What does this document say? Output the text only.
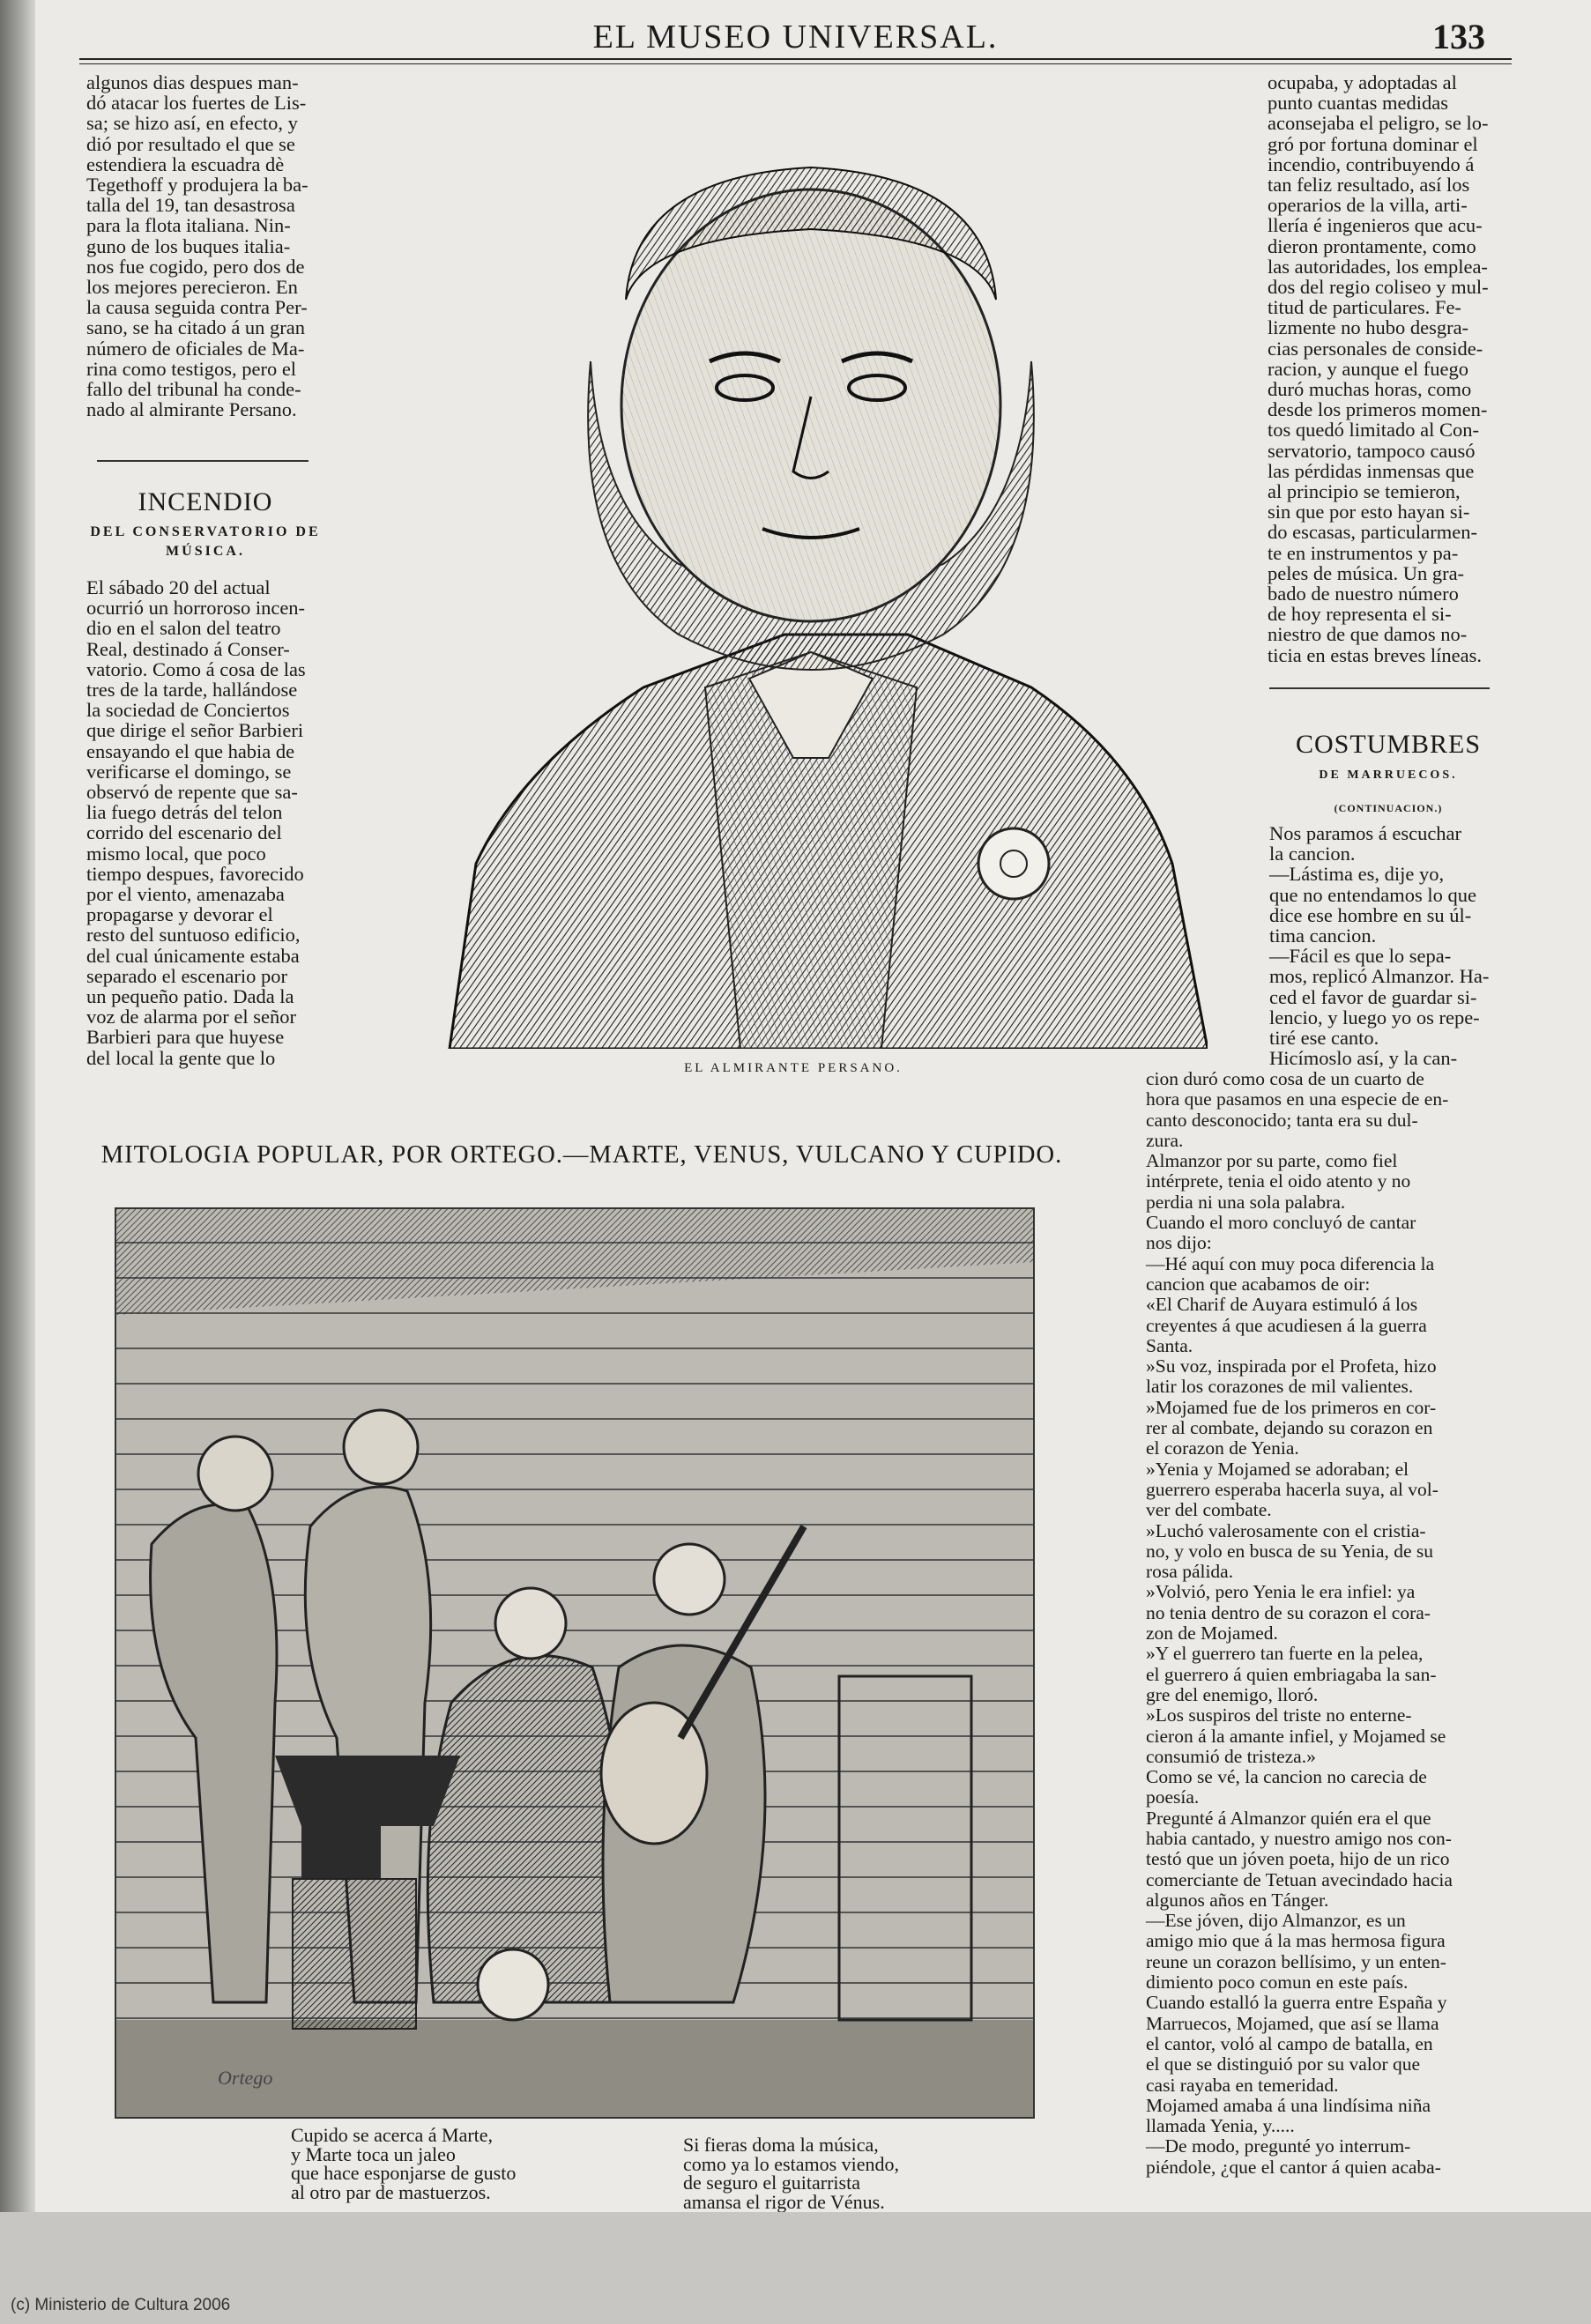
EL MUSEO UNIVERSAL.	133

algunos dias despues man-

dó atacar los fuertes de Lis-

sa; se hizo así, en efecto, y

dió por resultado el que se

estendiera la escuadra dè

Tegethoff y produjera la ba-

talla del 19, tan desastrosa

para la flota italiana. Nin-

guno de los buques italia-

nos fue cogido, pero dos de

los mejores perecieron. En

la causa seguida contra Per-

sano, se ha citado á un gran

número de oficiales de Ma-

rina como testigos, pero el

fallo del tribunal ha conde-

nado al almirante Persano.

INCENDIO
DEL CONSERVATORIO DE
MÚSICA.

El sábado 20 del actual

ocurrió un horroroso incen-

dio en el salon del teatro

Real, destinado á Conser-

vatorio. Como á cosa de las

tres de la tarde, hallándose

la sociedad de Conciertos

que dirige el señor Barbieri

ensayando el que habia de

verificarse el domingo, se

observó de repente que sa-

lia fuego detrás del telon

corrido del escenario del

mismo local, que poco

tiempo despues, favorecido

por el viento, amenazaba

propagarse y devorar el

resto del suntuoso edificio,

del cual únicamente estaba

separado el escenario por

un pequeño patio. Dada la

voz de alarma por el señor

Barbieri para que huyese

del local la gente que lo	EL ALMIRANTE PERSANO.

ocupaba, y adoptadas al

punto cuantas medidas

aconsejaba el peligro, se lo-

gró por fortuna dominar el

incendio, contribuyendo á

tan feliz resultado, así los

operarios de la villa, arti-

llería é ingenieros que acu-

dieron prontamente, como

las autoridades, los emplea-

dos del regio coliseo y mul-

titud de particulares. Fe-

lizmente no hubo desgra-

cias personales de conside-

racion, y aunque el fuego

duró muchas horas, como

desde los primeros momen-

tos quedó limitado al Con-

servatorio, tampoco causó

las pérdidas inmensas que

al principio se temieron,

sin que por esto hayan si-

do escasas, particularmen-

te en instrumentos y pa-

peles de música. Un gra-

bado de nuestro número

de hoy representa el si-

niestro de que damos no-

ticia en estas breves líneas.

COSTUMBRES
DE MARRUECOS.
(CONTINUACION.)

Nos paramos á escuchar

la cancion.

—Lástima es, dije yo,

que no entendamos lo que

dice ese hombre en su úl-

tima cancion.

—Fácil es que lo sepa-

mos, replicó Almanzor. Ha-

ced el favor de guardar si-

lencio, y luego yo os repe-

tiré ese canto.

Hicímoslo así, y la can-

cion duró como cosa de un cuarto de

hora que pasamos en una especie de en-

canto desconocido; tanta era su dul-

zura.

Almanzor por su parte, como fiel

intérprete, tenia el oido atento y no

perdia ni una sola palabra.

Cuando el moro concluyó de cantar

nos dijo:

—Hé aquí con muy poca diferencia la

cancion que acabamos de oir:

«El Charif de Auyara estimuló á los

creyentes á que acudiesen á la guerra

Santa.

»Su voz, inspirada por el Profeta, hizo

latir los corazones de mil valientes.

»Mojamed fue de los primeros en cor-

rer al combate, dejando su corazon en

el corazon de Yenia.

»Yenia y Mojamed se adoraban; el

guerrero esperaba hacerla suya, al vol-

ver del combate.

»Luchó valerosamente con el cristia-

no, y volo en busca de su Yenia, de su

rosa pálida.

»Volvió, pero Yenia le era infiel: ya

no tenia dentro de su corazon el cora-

zon de Mojamed.

»Y el guerrero tan fuerte en la pelea,

el guerrero á quien embriagaba la san-

gre del enemigo, lloró.

»Los suspiros del triste no enterne-

cieron á la amante infiel, y Mojamed se

consumió de tristeza.»

Como se vé, la cancion no carecia de

poesía.

Pregunté á Almanzor quién era el que

habia cantado, y nuestro amigo nos con-

testó que un jóven poeta, hijo de un rico

comerciante de Tetuan avecindado hacia

algunos años en Tánger.

—Ese jóven, dijo Almanzor, es un

amigo mio que á la mas hermosa figura

reune un corazon bellísimo, y un enten-

dimiento poco comun en este país.

Cuando estalló la guerra entre España y

Marruecos, Mojamed, que así se llama

el cantor, voló al campo de batalla, en

el que se distinguió por su valor que

casi rayaba en temeridad.

Mojamed amaba á una lindísima niña

llamada Yenia, y.....

—De modo, pregunté yo interrum-

piéndole, ¿que el cantor á quien acaba-

MITOLOGIA POPULAR, POR ORTEGO.—MARTE, VENUS, VULCANO Y CUPIDO.
Ortego

Cupido se acerca á Marte,

y Marte toca un jaleo

que hace esponjarse de gusto

al otro par de mastuerzos.

Si fieras doma la música,

como ya lo estamos viendo,

de seguro el guitarrista

amansa el rigor de Vénus.

(c) Ministerio de Cultura 2006
